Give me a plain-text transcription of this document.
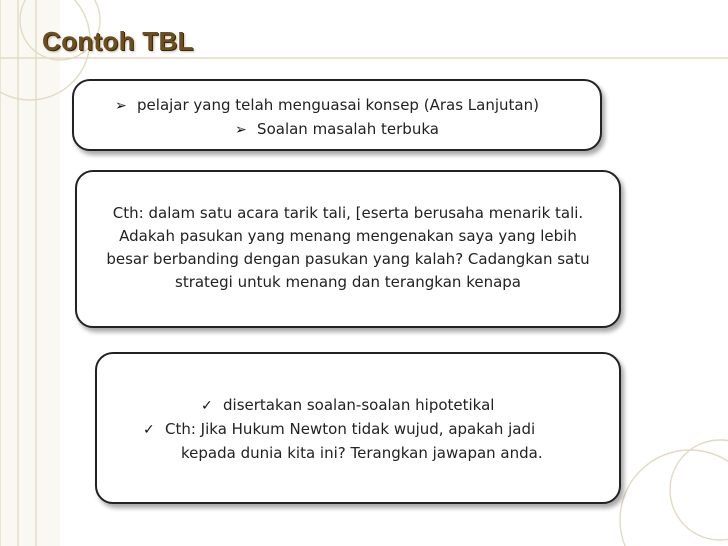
Contoh TBL
➢ pelajar yang telah menguasai konsep (Aras Lanjutan)
➢ Soalan masalah terbuka
Cth: dalam satu acara tarik tali, [eserta berusaha menarik tali.
Adakah pasukan yang menang mengenakan saya yang lebih
besar berbanding dengan pasukan yang kalah? Cadangkan satu
strategi untuk menang dan terangkan kenapa
✓ disertakan soalan-soalan hipotetikal
✓ Cth: Jika Hukum Newton tidak wujud, apakah jadi
kepada dunia kita ini? Terangkan jawapan anda.
